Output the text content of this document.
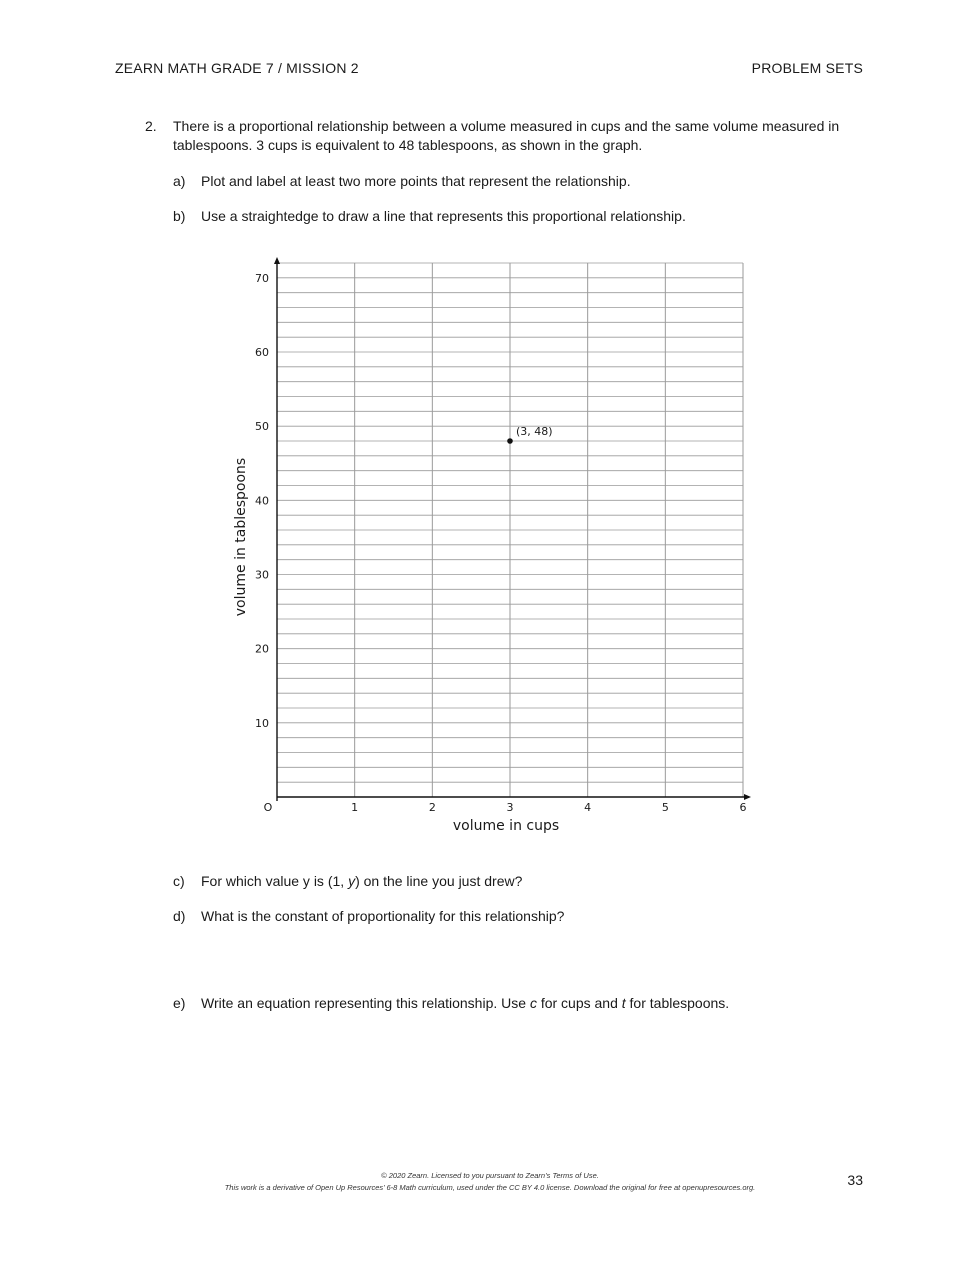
ZEARN MATH GRADE 7 / MISSION 2	PROBLEM SETS
2. There is a proportional relationship between a volume measured in cups and the same volume measured in tablespoons. 3 cups is equivalent to 48 tablespoons, as shown in the graph.
a) Plot and label at least two more points that represent the relationship.
b) Use a straightedge to draw a line that represents this proportional relationship.
1	2	3	4	5	6
10
20
30
40
50
60
70
O
(3, 48)
volume in cups
volume in tablespoons
c) For which value y is (1, y) on the line you just drew?
d) What is the constant of proportionality for this relationship?
e) Write an equation representing this relationship. Use c for cups and t for tablespoons.
© 2020 Zearn. Licensed to you pursuant to Zearn’s Terms of Use.
This work is a derivative of Open Up Resources’ 6-8 Math curriculum, used under the CC BY 4.0 license. Download the original for free at openupresources.org.	33
